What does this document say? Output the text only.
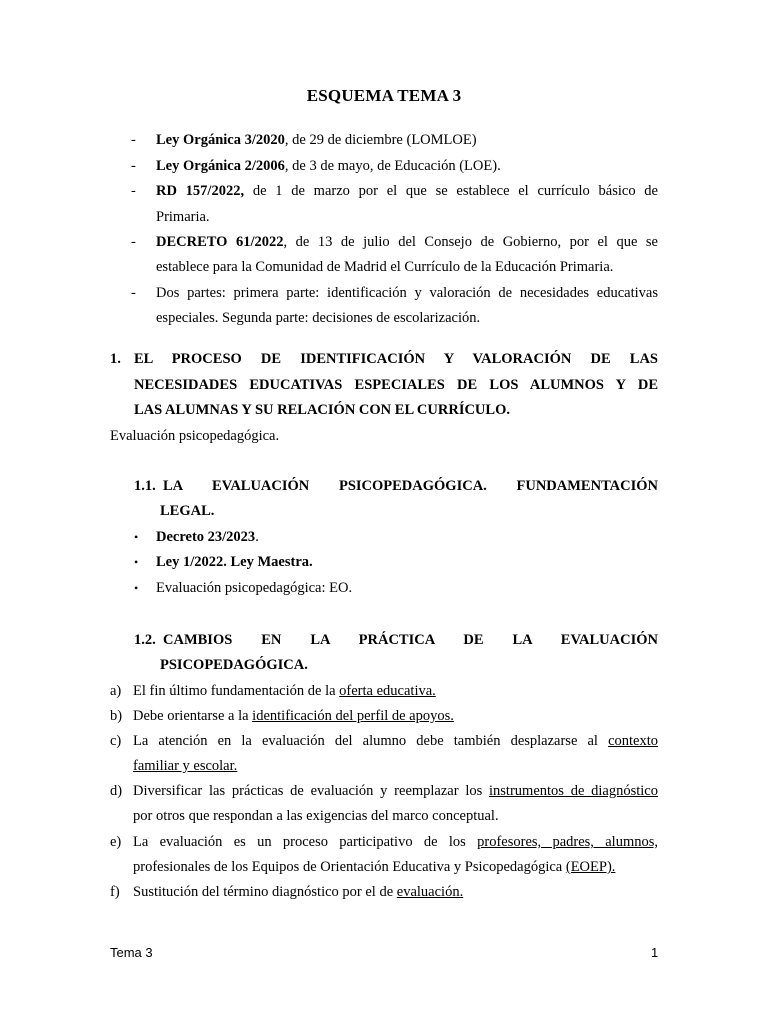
ESQUEMA TEMA 3
- Ley Orgánica 3/2020, de 29 de diciembre (LOMLOE)
- Ley Orgánica 2/2006, de 3 de mayo, de Educación (LOE).
- RD 157/2022, de 1 de marzo por el que se establece el currículo básico de
Primaria.
- DECRETO 61/2022, de 13 de julio del Consejo de Gobierno, por el que se
establece para la Comunidad de Madrid el Currículo de la Educación Primaria.
- Dos partes: primera parte: identificación y valoración de necesidades educativas
especiales. Segunda parte: decisiones de escolarización.
1. EL PROCESO DE IDENTIFICACIÓN Y VALORACIÓN DE LAS
NECESIDADES EDUCATIVAS ESPECIALES DE LOS ALUMNOS Y DE
LAS ALUMNAS Y SU RELACIÓN CON EL CURRÍCULO.
Evaluación psicopedagógica.
1.1. LA EVALUACIÓN PSICOPEDAGÓGICA. FUNDAMENTACIÓN
LEGAL.
• Decreto 23/2023.
• Ley 1/2022. Ley Maestra.
• Evaluación psicopedagógica: EO.
1.2. CAMBIOS EN LA PRÁCTICA DE LA EVALUACIÓN
PSICOPEDAGÓGICA.
a) El fin último fundamentación de la oferta educativa.
b) Debe orientarse a la identificación del perfil de apoyos.
c) La atención en la evaluación del alumno debe también desplazarse al contexto
familiar y escolar.
d) Diversificar las prácticas de evaluación y reemplazar los instrumentos de diagnóstico
por otros que respondan a las exigencias del marco conceptual.
e) La evaluación es un proceso participativo de los profesores, padres, alumnos,
profesionales de los Equipos de Orientación Educativa y Psicopedagógica (EOEP).
f) Sustitución del término diagnóstico por el de evaluación.
Tema 3	1
